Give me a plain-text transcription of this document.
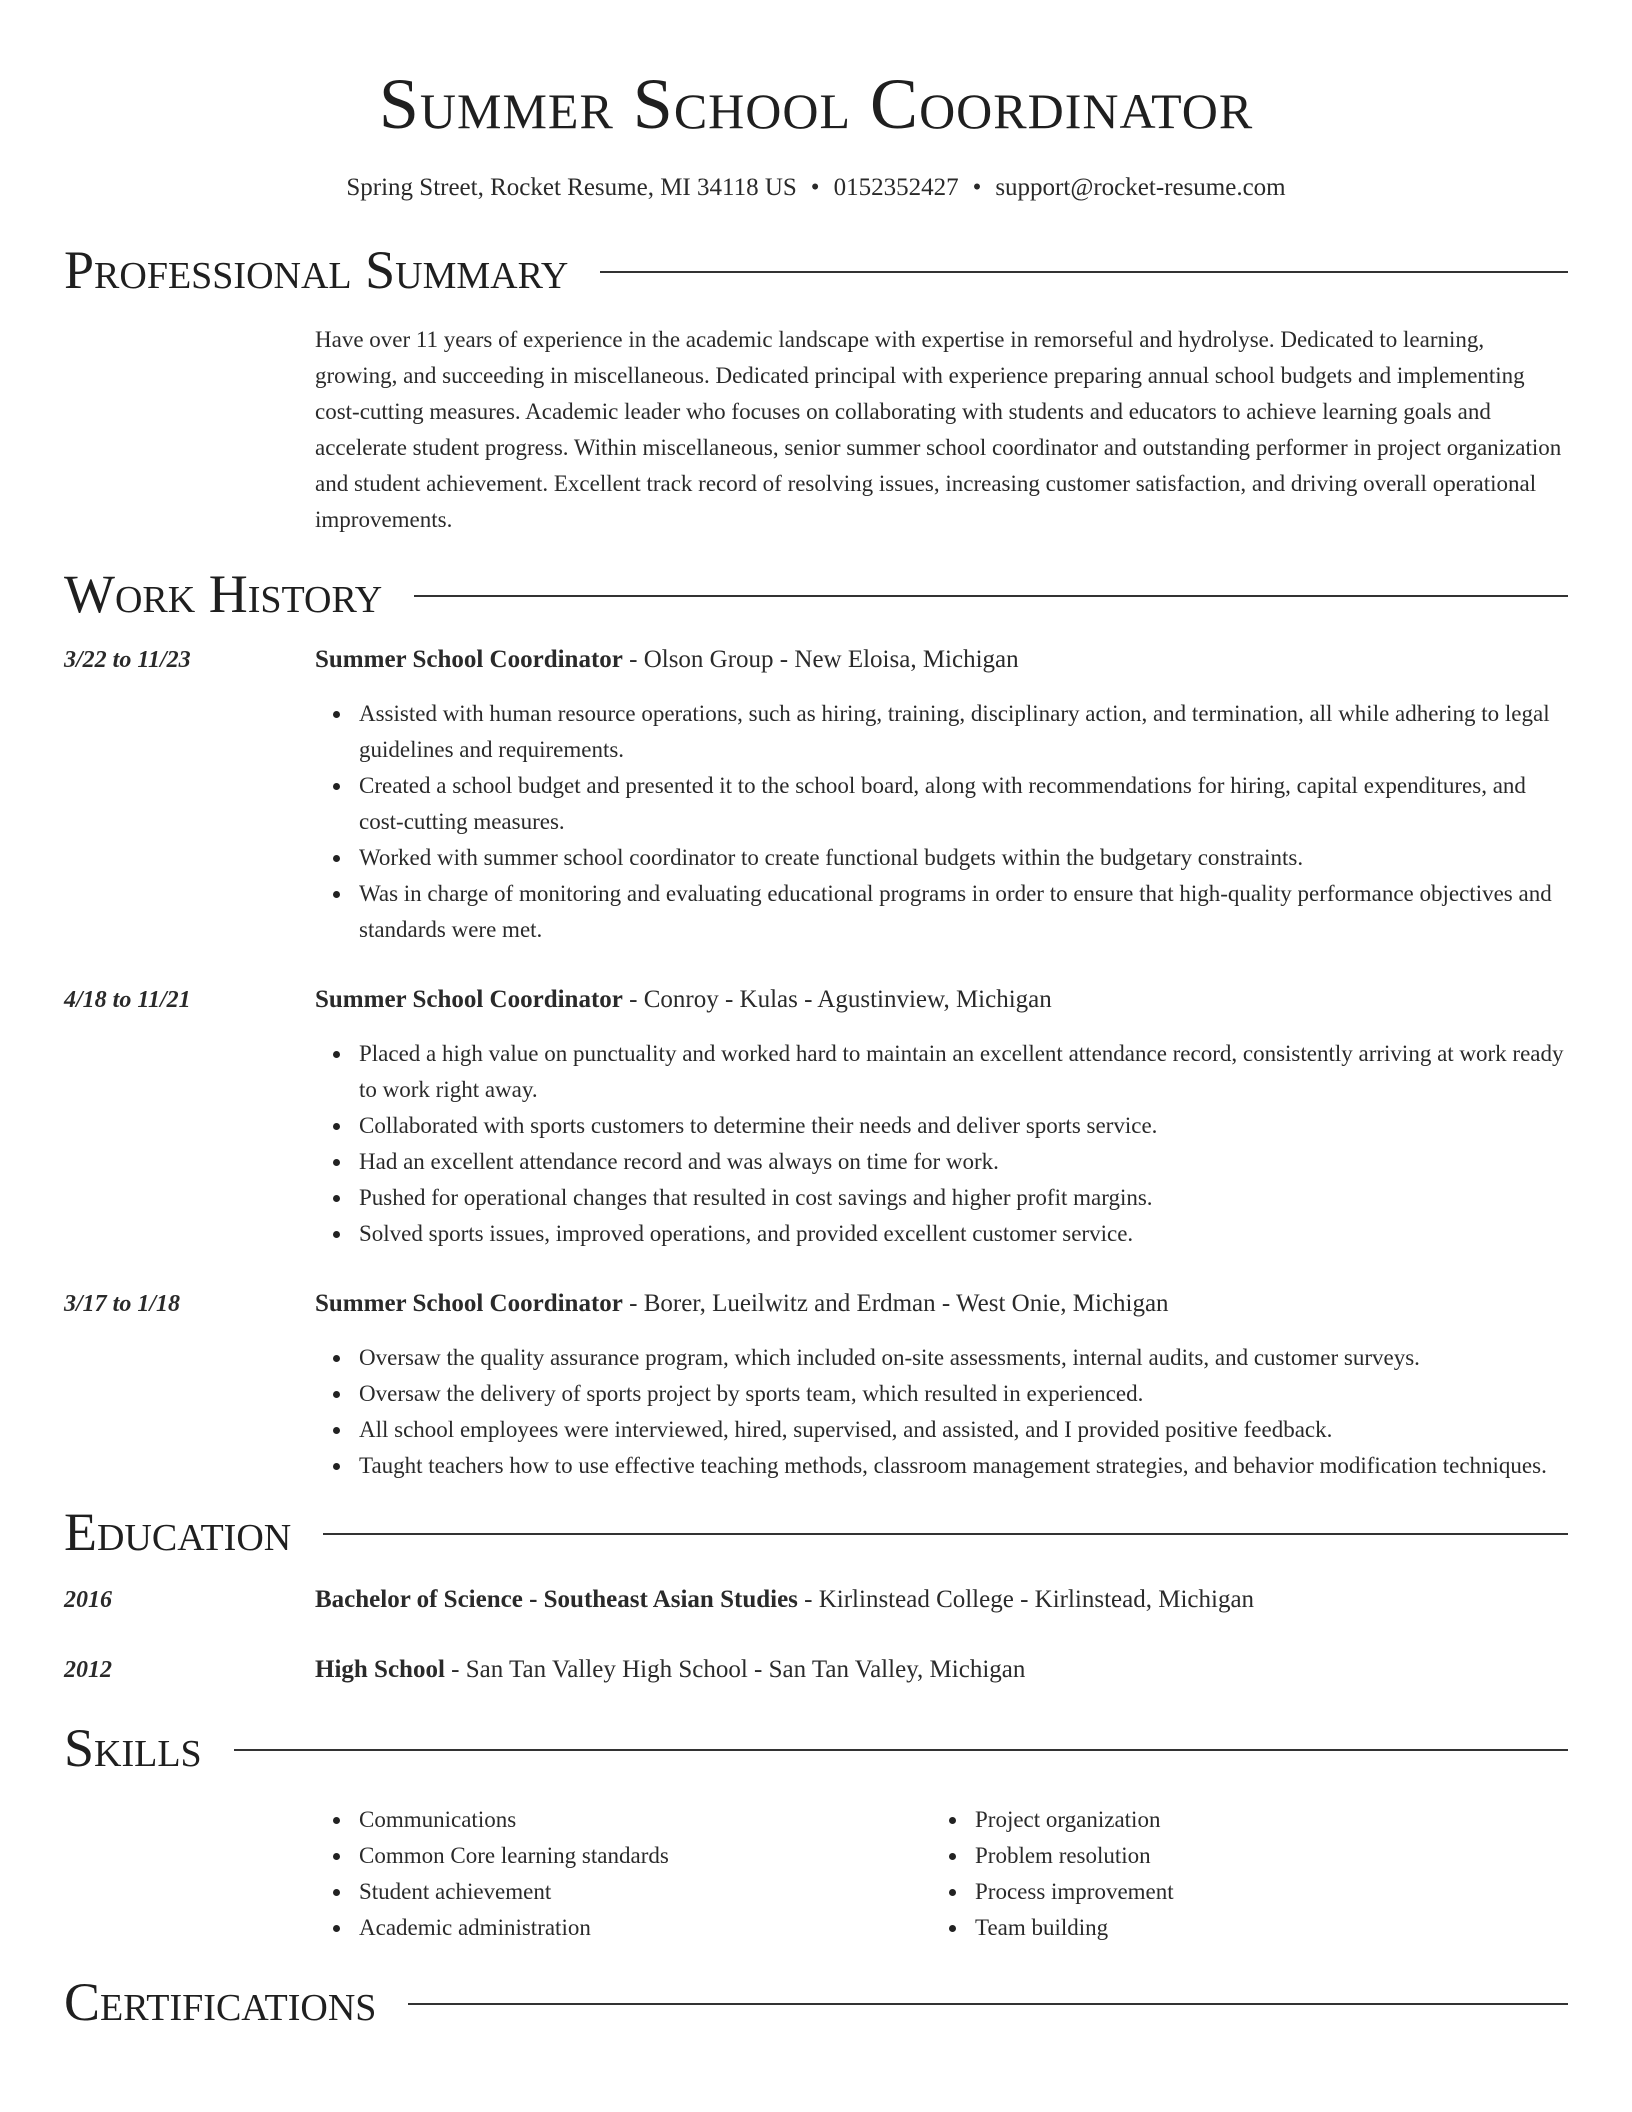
Summer School Coordinator
Spring Street, Rocket Resume, MI 34118 US • 0152352427 • support@rocket-resume.com
Professional Summary

Have over 11 years of experience in the academic landscape with expertise in remorseful and hydrolyse. Dedicated to learning, growing, and succeeding in miscellaneous. Dedicated principal with experience preparing annual school budgets and implementing cost-cutting measures. Academic leader who focuses on collaborating with students and educators to achieve learning goals and accelerate student progress. Within miscellaneous, senior summer school coordinator and outstanding performer in project organization and student achievement. Excellent track record of resolving issues, increasing customer satisfaction, and driving overall operational improvements.

Work History
3/22 to 11/23	Summer School Coordinator - Olson Group - New Eloisa, Michigan
Assisted with human resource operations, such as hiring, training, disciplinary action, and termination, all while adhering to legal guidelines and requirements.
Created a school budget and presented it to the school board, along with recommendations for hiring, capital expenditures, and cost-cutting measures.
Worked with summer school coordinator to create functional budgets within the budgetary constraints.
Was in charge of monitoring and evaluating educational programs in order to ensure that high-quality performance objectives and standards were met.
4/18 to 11/21	Summer School Coordinator - Conroy - Kulas - Agustinview, Michigan
Placed a high value on punctuality and worked hard to maintain an excellent attendance record, consistently arriving at work ready to work right away.
Collaborated with sports customers to determine their needs and deliver sports service.
Had an excellent attendance record and was always on time for work.
Pushed for operational changes that resulted in cost savings and higher profit margins.
Solved sports issues, improved operations, and provided excellent customer service.
3/17 to 1/18	Summer School Coordinator - Borer, Lueilwitz and Erdman - West Onie, Michigan
Oversaw the quality assurance program, which included on-site assessments, internal audits, and customer surveys.
Oversaw the delivery of sports project by sports team, which resulted in experienced.
All school employees were interviewed, hired, supervised, and assisted, and I provided positive feedback.
Taught teachers how to use effective teaching methods, classroom management strategies, and behavior modification techniques.
Education
2016	Bachelor of Science - Southeast Asian Studies - Kirlinstead College - Kirlinstead, Michigan
2012	High School - San Tan Valley High School - San Tan Valley, Michigan
Skills
Communications
Common Core learning standards
Student achievement
Academic administration
Project organization
Problem resolution
Process improvement
Team building
Certifications
